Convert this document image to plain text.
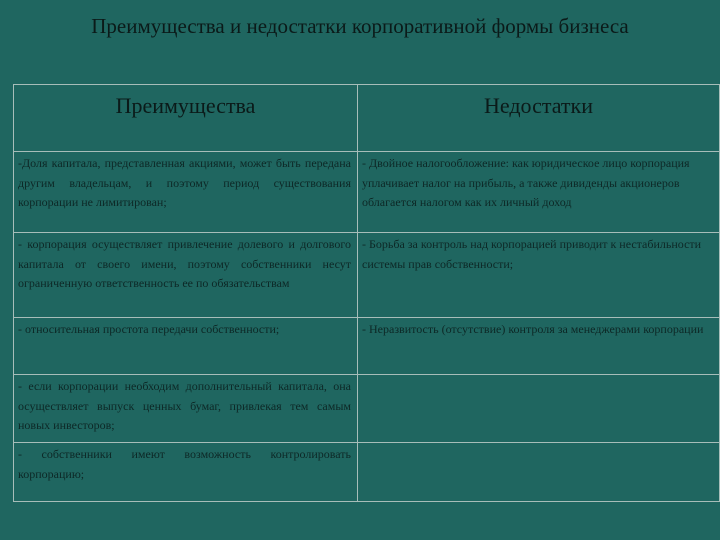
Преимущества и недостатки корпоративной формы бизнеса
Преимущества	Недостатки

-Доля капитала, представленная акциями, может быть передана другим владельцам, и поэтому период существования корпорации не лимитирован;	- Двойное налогообложение: как юридическое лицо корпорация уплачивает налог на прибыль, а также дивиденды акционеров облагается налогом как их личный доход

- корпорация осуществляет привлечение долевого и долгового капитала от своего имени, поэтому собственники несут ограниченную ответственность ее по обязательствам	- Борьба за контроль над корпорацией приводит к нестабильности системы прав собственности;

- относительная простота передачи собственности;	- Неразвитость (отсутствие) контроля за менеджерами корпорации

- если корпорации необходим дополнительный капитала, она осуществляет выпуск ценных бумаг, привлекая тем самым новых инвесторов;	

- собственники имеют возможность контролировать корпорацию;	
